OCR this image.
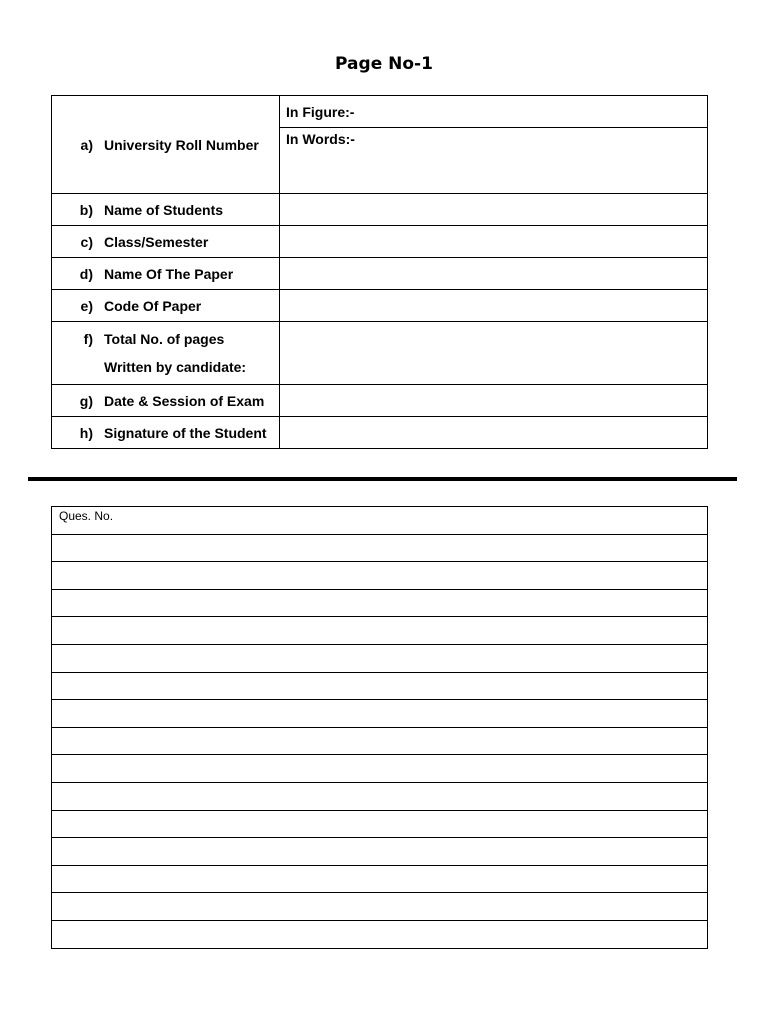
Page No-1
a) University Roll Number	In Figure:-
	In Words:-

b) Name of Students	

c) Class/Semester	

d) Name Of The Paper	

e) Code Of Paper	

f) Total No. of pages
Written by candidate:	

g) Date & Session of Exam	

h) Signature of the Student	

Ques. No.
